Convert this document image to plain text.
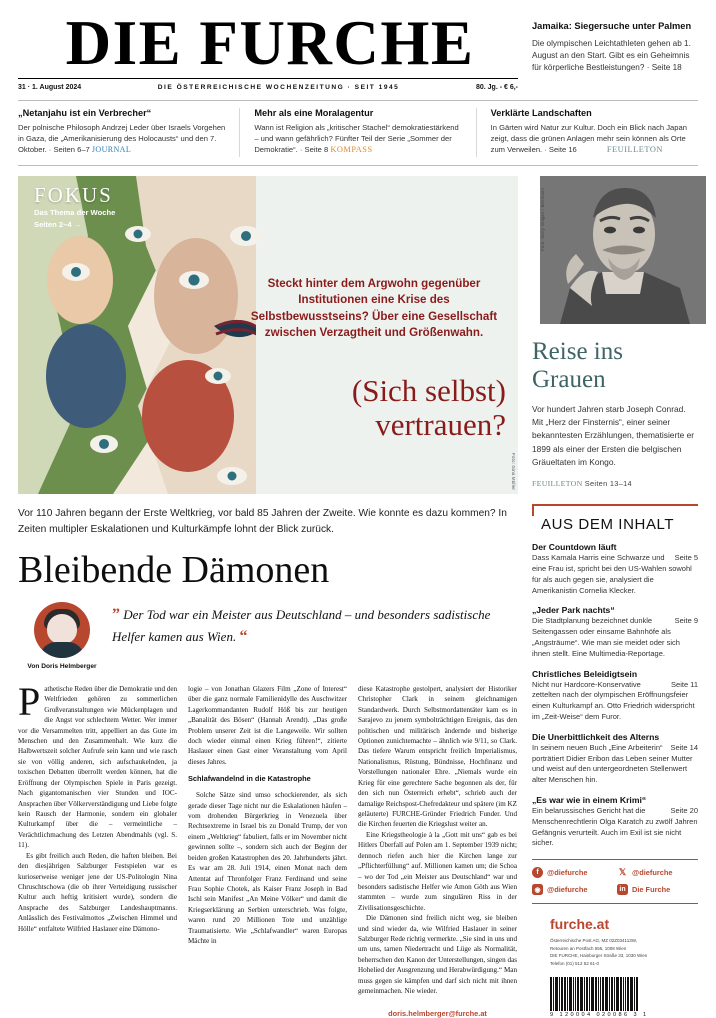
DIE FURCHE
31 · 1. August 2024	DIE ÖSTERREICHISCHE WOCHENZEITUNG · SEIT 1945	80. Jg. - € 6,-
Jamaika: Siegersuche unter Palmen
Die olympischen Leichtathleten gehen ab 1. August an den Start. Gibt es ein Geheimnis für körperliche Bestleistungen? · Seite 18
„Netanjahu ist ein Verbrecher“
Der polnische Philosoph Andrzej Leder über Israels Vorgehen in Gaza, die „Amerikanisierung des Holocausts“ und den 7. Oktober. · Seiten 6–7 JOURNAL
Mehr als eine Moralagentur
Wann ist Religion als „kritischer Stachel“ demokratiestärkend – und wann gefährlich? Fünfter Teil der Serie „Sommer der Demokratie“. · Seite 8 KOMPASS
Verklärte Landschaften
In Gärten wird Natur zur Kultur. Doch ein Blick nach Japan zeigt, dass die grünen Anlagen mehr sein können als Orte zum Verweilen. · Seite 16	FEUILLETON
FOKUS
Das Thema der Woche
Seiten 2–4 →
Steckt hinter dem Argwohn gegenüber Institutionen eine Krise des Selbstbewusstseins? Über eine Gesellschaft zwischen Verzagtheit und Größenwahn.
(Sich selbst)
vertrauen?
Foto: Gina Müller
Vor 110 Jahren begann der Erste Weltkrieg, vor bald 85 Jahren der Zweite. Wie konnte es dazu kommen? In Zeiten multipler Eskalationen und Kulturkämpfe lohnt der Blick zurück.
Bleibende Dämonen
Von Doris Helmberger
” Der Tod war ein Meister aus Deutschland – und besonders sadistische Helfer kamen aus Wien. “

Pathetische Reden über die Demokratie und den Weltfrieden gehören zu sommerlichen Großveranstaltungen wie Mückenplagen und die Angst vor schlechtem Wetter. Wer immer vor die Versammelten tritt, appelliert an das Gute im Menschen und den Zusammenhalt. Wie kurz die Halbwertszeit solcher Aufrufe sein kann und wie rasch sie von völlig anderen, sich aufschaukelnden, ja toxischen Debatten überrollt werden können, hat die Eröffnung der Olympischen Spiele in Paris gezeigt. Nach gigantomanischen vier Stunden und IOC-Ansprachen über Völkerverständigung und Liebe folgte kein Rausch der Harmonie, sondern ein globaler Kulturkampf über die – vermeintliche – Verächtlichmachung des Letzten Abendmahls (vgl. S. 11).

Es gibt freilich auch Reden, die haften bleiben. Bei den diesjährigen Salzburger Festspielen war es kurioserweise weniger jene der US-Politologin Nina Chruschtschowa (die ob ihrer Verteidigung russischer Kultur auch heftig kritisiert wurde), sondern die Ansprache des Salzburger Landeshauptmanns. Anlässlich des Festivalmottos „Zwischen Himmel und Hölle“ entfaltete Wilfried Haslauer eine Dämono-

logie – von Jonathan Glazers Film „Zone of Interest“ über die ganz normale Familienidylle des Auschwitzer Lagerkommandanten Rudolf Höß bis zur heutigen „Banalität des Bösen“ (Hannah Arendt). „Das große Problem unserer Zeit ist die Langeweile. Wir sollten doch wieder einmal einen Krieg führen!“, zitierte Haslauer einen Gast einer Veranstaltung vom April dieses Jahres.

Schlafwandelnd in die Katastrophe

Solche Sätze sind umso schockierender, als sich gerade dieser Tage nicht nur die Eskalationen häufen – vom drohenden Bürgerkrieg in Venezuela über Rechtsextreme in Israel bis zu Donald Trump, der von einem „Weltkrieg“ fabuliert, falls er im November nicht gewinnen sollte –, sondern sich auch der Beginn der beiden großen Katastrophen des 20. Jahrhunderts jährt. Es war am 28. Juli 1914, einen Monat nach dem Attentat auf Thronfolger Franz Ferdinand und seine Frau Sophie Chotek, als Kaiser Franz Joseph in Bad Ischl sein Manifest „An Meine Völker“ und damit die Kriegserklärung an Serbien unterschrieb. Was folgte, waren rund 20 Millionen Tote und unzählige Traumatisierte. Wie „Schlafwandler“ waren Europas Mächte in

diese Katastrophe gestolpert, analysiert der Historiker Christopher Clark in seinem gleichnamigen Standardwerk. Durch Selbstmordattentäter kam es in Sarajevo zu jenem symbolträchtigen Ereignis, das den politischen und militärisch ändernde und bisherige Optionen zunichtemachte – ähnlich wie 9/11, so Clark. Das tiefere Warum entspricht freilich Imperialismus, Nationalismus, Rüstung, Bündnisse, Hochfinanz und Vorstellungen nationaler Ehre. „Niemals wurde ein Krieg für eine gerechtere Sache begonnen als der, für den sich nun Österreich erhebt“, schrieb auch der damalige Reichspost-Chefredakteur und spätere (im KZ geläuterte) FURCHE-Gründer Friedrich Funder. Und die Kirchen feuerten die Kriegslust weiter an.

Eine Kriegstheologie à la „Gott mit uns“ gab es bei Hitlers Überfall auf Polen am 1. September 1939 nicht; dennoch riefen auch hier die Kirchen lange zur „Pflichterfüllung“ auf. Millionen kamen um; die Schoa – wo der Tod „ein Meister aus Deutschland“ war und besonders sadistische Helfer wie Amon Göth aus Wien stammten – wurde zum singulären Riss in der Zivilisationsgeschichte.

Die Dämonen sind freilich nicht weg, sie bleiben und sind wieder da, wie Wilfried Haslauer in seiner Salzburger Rede richtig vermerkte. „Sie sind in uns und um uns, tarnen Niedertracht und Lüge als Normalität, beherrschen den Kanon der Unterstellungen, singen das Hohelied der Ausgrenzung und Herabwürdigung.“ Man muss gegen sie kämpfen und darf sich nicht mit ihnen gemeinmachen. Nie wieder.

doris.helmberger@furche.at
Foto: Getty Images / Bettmann
Reise ins
Grauen
Vor hundert Jahren starb Joseph Conrad. Mit „Herz der Finsternis“, einer seiner bekanntesten Erzählungen, thematisierte er 1899 als einer der Ersten die belgischen Gräueltaten im Kongo.
FEUILLETON Seiten 13–14
AUS DEM INHALT
Der Countdown läuft

Seite 5
Dass Kamala Harris eine Schwarze und eine Frau ist, spricht bei den US-Wahlen sowohl für als auch gegen sie, analysiert die Amerikanistin Cornelia Klecker.

„Jeder Park nachts“

Seite 9
Die Stadtplanung bezeichnet dunkle Seitengassen oder einsame Bahnhöfe als „Angsträume“. Wie man sie meidet oder sich ihnen stellt. Eine Multimedia-Reportage.

Christliches Beleidigtsein

Seite 11
Nicht nur Hardcore-Konservative zettelten nach der olympischen Eröffnungsfeier einen Kulturkampf an. Otto Friedrich widerspricht im „Zeit-Weise“ dem Furor.

Die Unerbittlichkeit des Alterns

Seite 14
In seinem neuen Buch „Eine Arbeiterin“ porträtiert Didier Eribon das Leben seiner Mutter und weist auf den untergeordneten Stellenwert alter Menschen hin.

„Es war wie in einem Krimi“

Seite 20
Ein belarussisches Gericht hat die Menschenrechtlerin Olga Karatch zu zwölf Jahren Gefängnis verurteilt. Auch im Exil ist sie nicht sicher.

f	@diefurche	𝕏 @diefurche
◉ @diefurche	in Die Furche
furche.at
Österreichische Post AG, MZ 02Z034113W,
Retouren an Postfach 555, 1008 Wien
DIE FURCHE, Hainburger Straße 33, 1030 Wien
Telefon (01) 512 52 61-0
9 120004 020086 3 1
